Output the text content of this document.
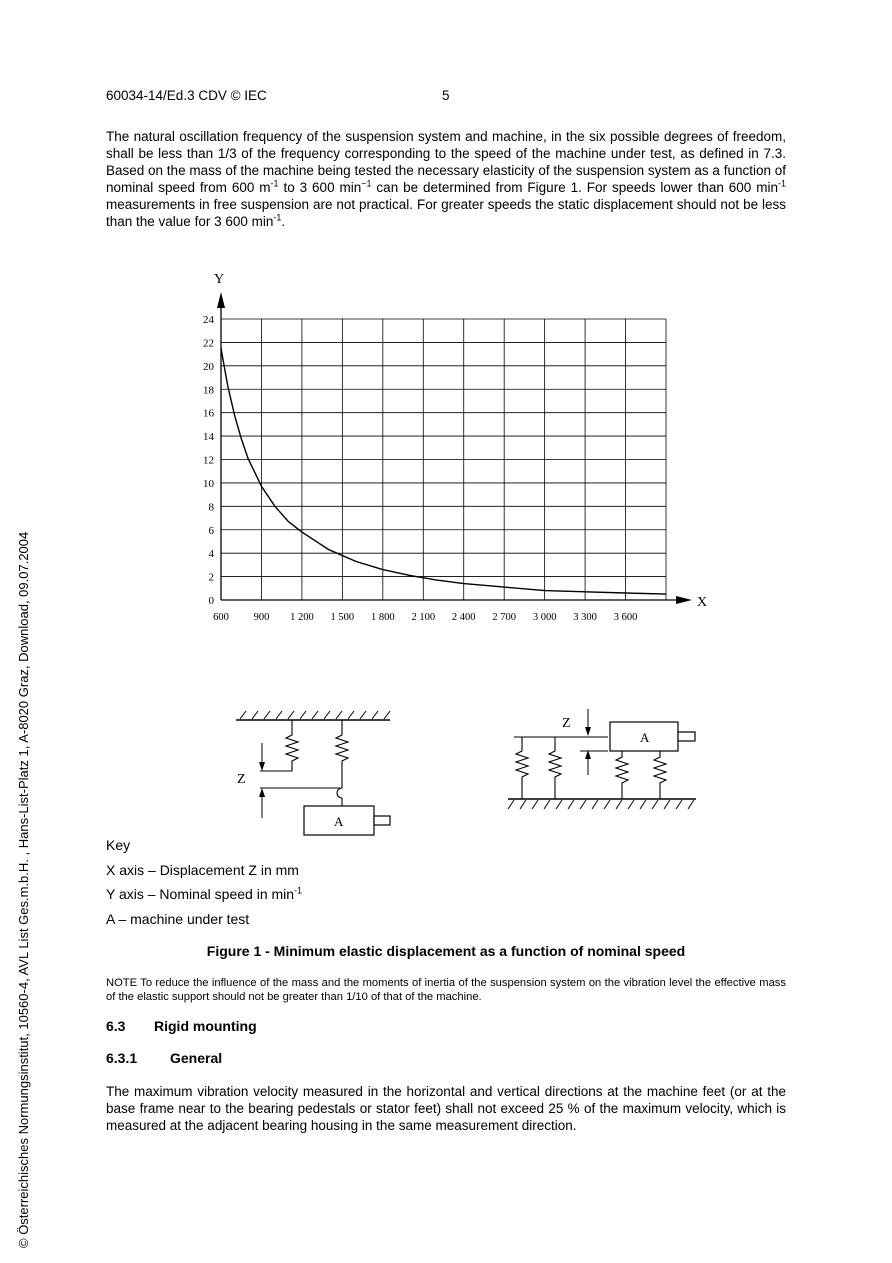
60034-14/Ed.3 CDV © IEC	5

The natural oscillation frequency of the suspension system and machine, in the six possible degrees of freedom, shall be less than 1/3 of the frequency corresponding to the speed of the machine under test, as defined in 7.3. Based on the mass of the machine being tested the necessary elasticity of the suspension system as a function of nominal speed from 600 $m^{-1}$ to 3 600 $\min^{-1}$ can be determined from Figure 1. For speeds lower than 600 $\min^{-1}$ measurements in free suspension are not practical. For greater speeds the static displacement should not be less than the value for 3 600 $\min^{-1}$.

Y
X
0
2
4
6
8
10
12
14
16
18
20
22
24
600 900 1 200 1 500 1 800 2 100 2 400 2 700 3 000 3 300 3 600
Z
A
Z
A
Key
X axis – Displacement Z in mm
Y axis – Nominal speed in $\min^{-1}$
A – machine under test
Figure 1 - Minimum elastic displacement as a function of nominal speed
NOTE To reduce the influence of the mass and the moments of inertia of the suspension system on the vibration level the effective mass of the elastic support should not be greater than 1/10 of that of the machine.
6.3 Rigid mounting
6.3.1 General

The maximum vibration velocity measured in the horizontal and vertical directions at the machine feet (or at the base frame near to the bearing pedestals or stator feet) shall not exceed 25 % of the maximum velocity, which is measured at the adjacent bearing housing in the same measurement direction.

© Österreichisches Normungsinstitut, 10560-4, AVL List Ges.m.b.H. , Hans-List-Platz 1, A-8020 Graz, Download, 09.07.2004
